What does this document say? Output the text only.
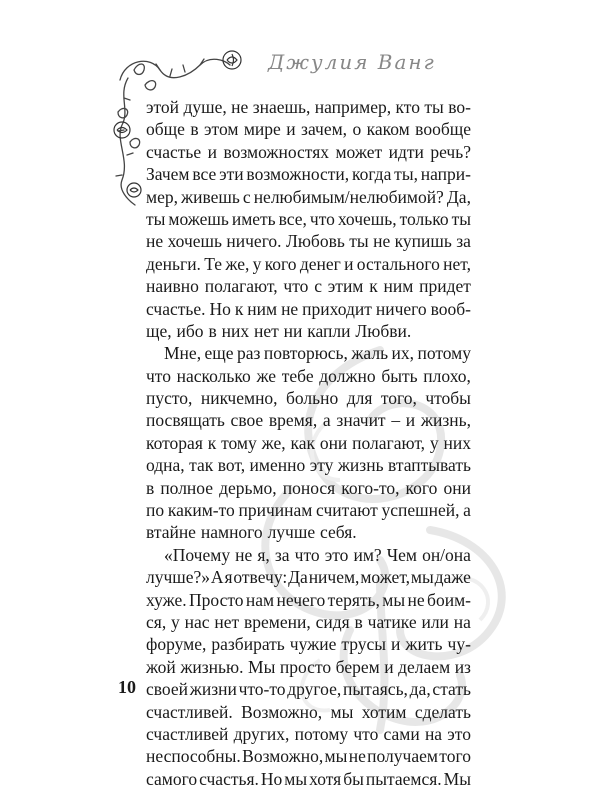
Джулия Ванг
этой душе, не знаешь, например, кто ты во-
обще в этом мире и зачем, о каком вообще
счастье и возможностях может идти речь?
Зачем все эти возможности, когда ты, напри-
мер, живешь с нелюбимым/нелюбимой? Да,
ты можешь иметь все, что хочешь, только ты
не хочешь ничего. Любовь ты не купишь за
деньги. Те же, у кого денег и остального нет,
наивно полагают, что с этим к ним придет
счастье. Но к ним не приходит ничего вооб-
ще, ибо в них нет ни капли Любви.
Мне, еще раз повторюсь, жаль их, потому
что насколько же тебе должно быть плохо,
пусто, никчемно, больно для того, чтобы
посвящать свое время, а значит – и жизнь,
которая к тому же, как они полагают, у них
одна, так вот, именно эту жизнь втаптывать
в полное дерьмо, понося кого-то, кого они
по каким-то причинам считают успешней, а
втайне намного лучше себя.
«Почему не я, за что это им? Чем он/она
лучше?» А я отвечу: Да ничем, может, мы даже
хуже. Просто нам нечего терять, мы не боим-
ся, у нас нет времени, сидя в чатике или на
форуме, разбирать чужие трусы и жить чу-
жой жизнью. Мы просто берем и делаем из
своей жизни что-то другое, пытаясь, да, стать
счастливей. Возможно, мы хотим сделать
счастливей других, потому что сами на это
неспособны. Возможно, мы не получаем того
самого счастья. Но мы хотя бы пытаемся. Мы
10
